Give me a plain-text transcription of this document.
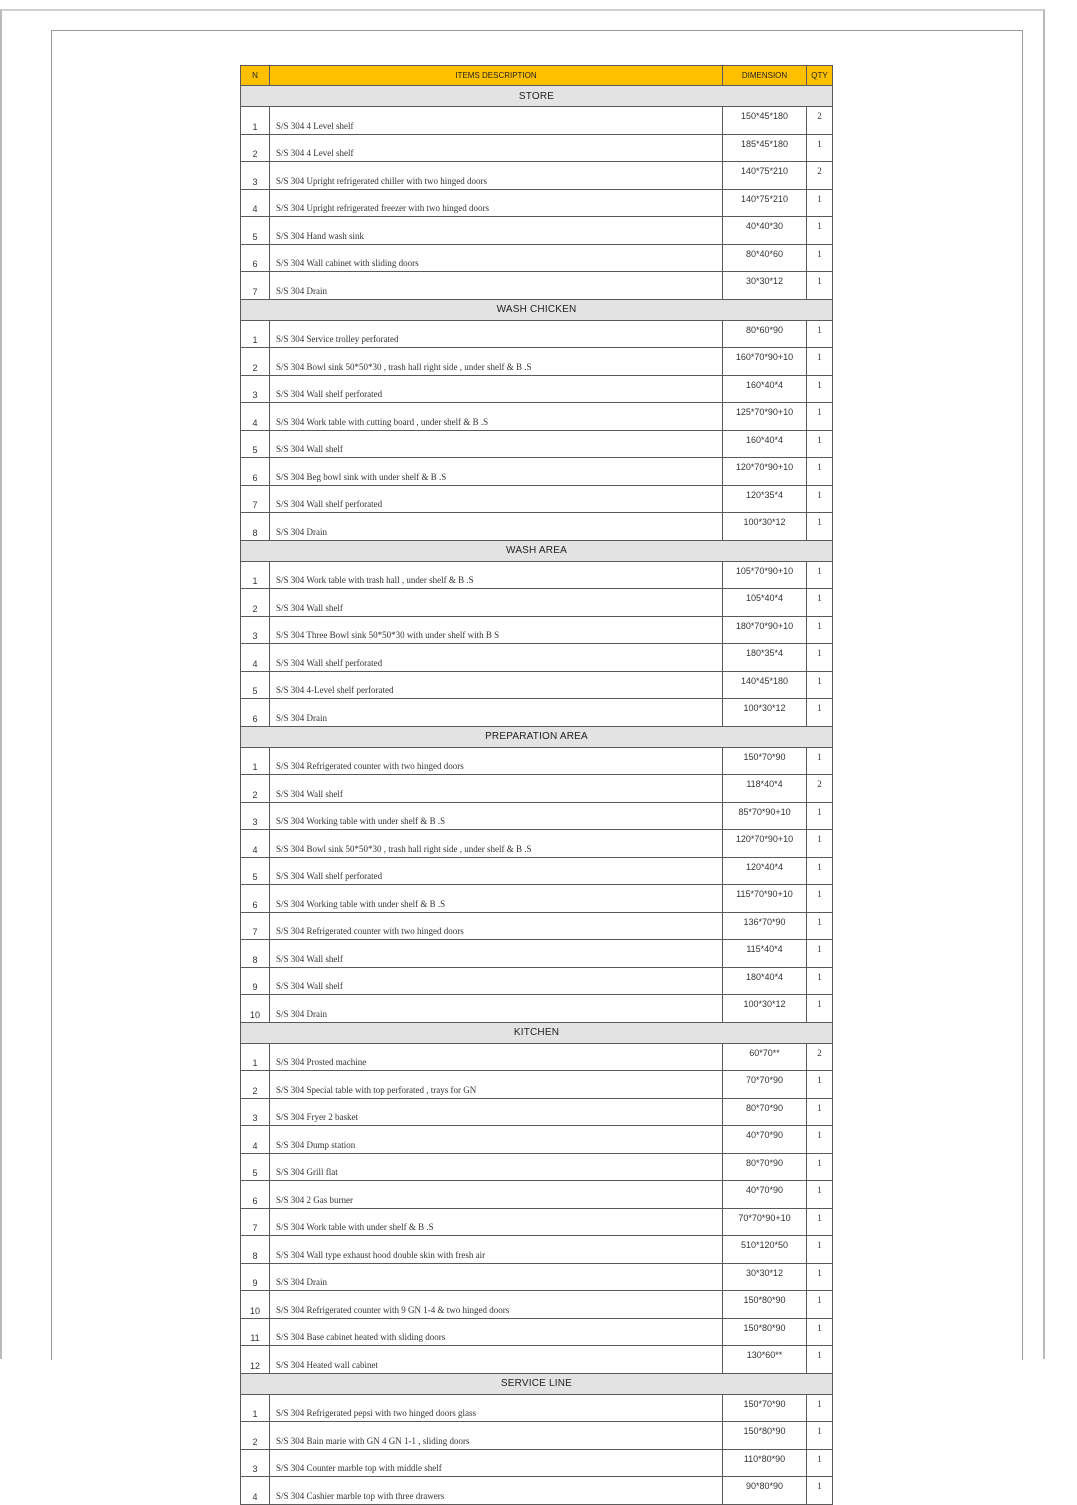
N	ITEMS DESCRIPTION	DIMENSION	QTY
STORE			
1	S/S 304 4 Level shelf	150*45*180	2
2	S/S 304 4 Level shelf	185*45*180	1
3	S/S 304 Upright refrigerated chiller with two hinged doors	140*75*210	2
4	S/S 304 Upright refrigerated freezer with two hinged doors	140*75*210	1
5	S/S 304 Hand wash sink	40*40*30	1
6	S/S 304 Wall cabinet with sliding doors	80*40*60	1
7	S/S 304 Drain	30*30*12	1
WASH CHICKEN			
1	S/S 304 Service trolley perforated	80*60*90	1
2	S/S 304 Bowl sink 50*50*30 , trash hall right side , under shelf & B .S	160*70*90+10	1
3	S/S 304 Wall shelf perforated	160*40*4	1
4	S/S 304 Work table with cutting board , under shelf & B .S	125*70*90+10	1
5	S/S 304 Wall shelf	160*40*4	1
6	S/S 304 Beg bowl sink with under shelf & B .S	120*70*90+10	1
7	S/S 304 Wall shelf perforated	120*35*4	1
8	S/S 304 Drain	100*30*12	1
WASH AREA			
1	S/S 304 Work table with trash hall , under shelf & B .S	105*70*90+10	1
2	S/S 304 Wall shelf	105*40*4	1
3	S/S 304 Three Bowl sink 50*50*30 with under shelf with B S	180*70*90+10	1
4	S/S 304 Wall shelf perforated	180*35*4	1
5	S/S 304 4-Level shelf perforated	140*45*180	1
6	S/S 304 Drain	100*30*12	1
PREPARATION AREA			
1	S/S 304 Refrigerated counter with two hinged doors	150*70*90	1
2	S/S 304 Wall shelf	118*40*4	2
3	S/S 304 Working table with under shelf & B .S	85*70*90+10	1
4	S/S 304 Bowl sink 50*50*30 , trash hall right side , under shelf & B .S	120*70*90+10	1
5	S/S 304 Wall shelf perforated	120*40*4	1
6	S/S 304 Working table with under shelf & B .S	115*70*90+10	1
7	S/S 304 Refrigerated counter with two hinged doors	136*70*90	1
8	S/S 304 Wall shelf	115*40*4	1
9	S/S 304 Wall shelf	180*40*4	1
10	S/S 304 Drain	100*30*12	1
KITCHEN			
1	S/S 304 Prosted machine	60*70**	2
2	S/S 304 Special table with top perforated , trays for GN	70*70*90	1
3	S/S 304 Fryer 2 basket	80*70*90	1
4	S/S 304 Dump station	40*70*90	1
5	S/S 304 Grill flat	80*70*90	1
6	S/S 304 2 Gas burner	40*70*90	1
7	S/S 304 Work table with under shelf & B .S	70*70*90+10	1
8	S/S 304 Wall type exhaust hood double skin with fresh air	510*120*50	1
9	S/S 304 Drain	30*30*12	1
10	S/S 304 Refrigerated counter with 9 GN 1-4 & two hinged doors	150*80*90	1
11	S/S 304 Base cabinet heated with sliding doors	150*80*90	1
12	S/S 304 Heated wall cabinet	130*60**	1
SERVICE LINE			
1	S/S 304 Refrigerated pepsi with two hinged doors glass	150*70*90	1
2	S/S 304 Bain marie with GN 4 GN 1-1 , sliding doors	150*80*90	1
3	S/S 304 Counter marble top with middle shelf	110*80*90	1
4	S/S 304 Cashier marble top with three drawers	90*80*90	1
